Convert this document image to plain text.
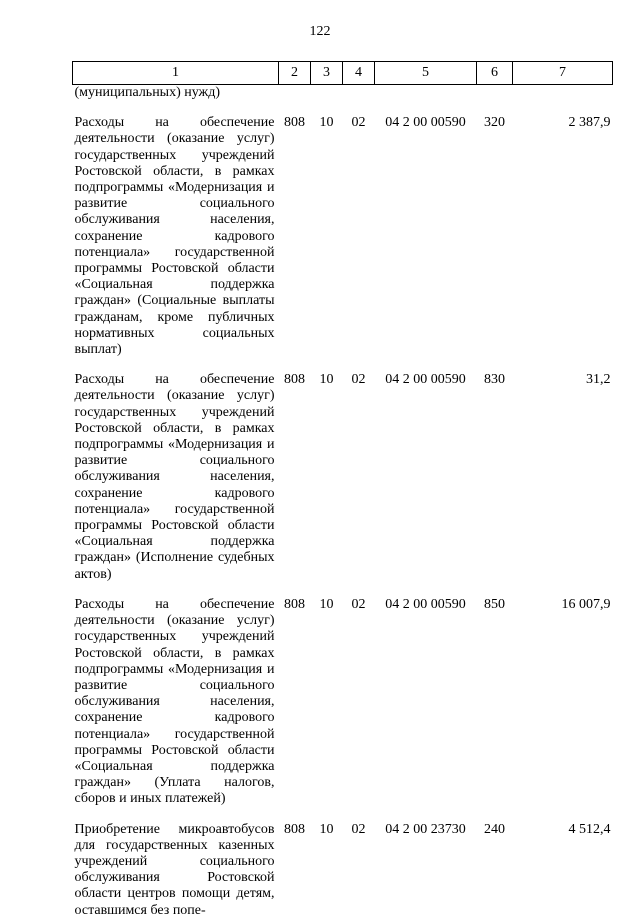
122
1	2	3	4	5	6	7
(муниципальных) нужд)						

Расходы на обеспечение деятельности (оказание услуг) государственных учреждений Ростовской области, в рамках подпрограммы «Модернизация и развитие социального обслуживания населения, сохранение кадрового потенциала» государственной программы Ростовской области «Социальная поддержка граждан» (Социальные выплаты гражданам, кроме публичных нормативных социальных выплат)	808	10	02	04 2 00 00590	320	2 387,9

Расходы на обеспечение деятельности (оказание услуг) государственных учреждений Ростовской области, в рамках подпрограммы «Модернизация и развитие социального обслуживания населения, сохранение кадрового потенциала» государственной программы Ростовской области «Социальная поддержка граждан» (Исполнение судебных актов)	808	10	02	04 2 00 00590	830	31,2

Расходы на обеспечение деятельности (оказание услуг) государственных учреждений Ростовской области, в рамках подпрограммы «Модернизация и развитие социального обслуживания населения, сохранение кадрового потенциала» государственной программы Ростовской области «Социальная поддержка граждан» (Уплата налогов, сборов и иных платежей)	808	10	02	04 2 00 00590	850	16 007,9

Приобретение микроавтобусов для государственных казенных учреждений социального обслуживания Ростовской области центров помощи детям, оставшимся без попе-	808	10	02	04 2 00 23730	240	4 512,4
